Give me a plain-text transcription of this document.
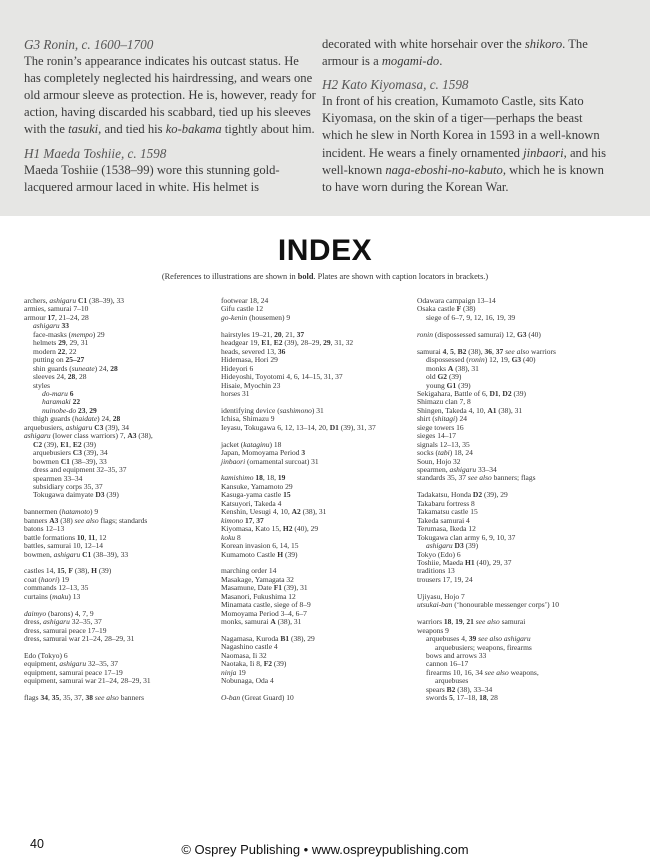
G3 Ronin, c. 1600–1700
The ronin’s appearance indicates his outcast status. He has completely neglected his hairdressing, and wears one old armour sleeve as protection. He is, however, ready for action, having discarded his scabbard, tied up his sleeves with the tasuki, and tied his ko-bakama tightly about him.

H1 Maeda Toshiie, c. 1598
Maeda Toshiie (1538–99) wore this stunning gold-lacquered armour laced in white. His helmet is

decorated with white horsehair over the shikoro. The armour is a mogami-do.

H2 Kato Kiyomasa, c. 1598
In front of his creation, Kumamoto Castle, sits Kato Kiyomasa, on the skin of a tiger—perhaps the beast which he slew in North Korea in 1593 in a well-known incident. He wears a finely ornamented jinbaori, and his well-known naga-eboshi-no-kabuto, which he is known to have worn during the Korean War.

INDEX
(References to illustrations are shown in bold. Plates are shown with caption locators in brackets.)
archers, ashigaru C1 (38–39), 33
armies, samurai 7–10
armour 17, 21–24, 28
ashigaru 33
face-masks (mempo) 29
helmets 29, 29, 31
modern 22, 22
putting on 25–27
shin guards (suneate) 24, 28
sleeves 24, 28, 28
styles
do-maru 6
haramaki 22
nuinobe-do 23, 29
thigh guards (haidate) 24, 28
arquebusiers, ashigaru C3 (39), 34
ashigaru (lower class warriors) 7, A3 (38),
C2 (39), E1, E2 (39)
arquebusiers C3 (39), 34
bowmen C1 (38–39), 33
dress and equipment 32–35, 37
spearmen 33–34
subsidiary corps 35, 37
Tokugawa daimyate D3 (39)
bannermen (hatamoto) 9
banners A3 (38) see also flags; standards
batons 12–13
battle formations 10, 11, 12
battles, samurai 10, 12–14
bowmen, ashigaru C1 (38–39), 33
castles 14, 15, F (38), H (39)
coat (haori) 19
commands 12–13, 35
curtains (maku) 13
daimyo (barons) 4, 7, 9
dress, ashigaru 32–35, 37
dress, samurai peace 17–19
dress, samurai war 21–24, 28–29, 31
Edo (Tokyo) 6
equipment, ashigaru 32–35, 37
equipment, samurai peace 17–19
equipment, samurai war 21–24, 28–29, 31
flags 34, 35, 35, 37, 38 see also banners
footwear 18, 24
Gifu castle 12
go-kenin (housemen) 9
hairstyles 19–21, 20, 21, 37
headgear 19, E1, E2 (39), 28–29, 29, 31, 32
heads, severed 13, 36
Hidemasa, Hori 29
Hideyori 6
Hideyoshi, Toyotomi 4, 6, 14–15, 31, 37
Hisaie, Myochin 23
horses 31
identifying device (sashimono) 31
Ichisa, Shimazu 9
Ieyasu, Tokugawa 6, 12, 13–14, 20, D1 (39), 31, 37
jacket (kataginu) 18
Japan, Momoyama Period 3
jinbaori (ornamental surcoat) 31
kamishimo 18, 18, 19
Kansuke, Yamamoto 29
Kasuga-yama castle 15
Katsuyori, Takeda 4
Kenshin, Uesugi 4, 10, A2 (38), 31
kimono 17, 37
Kiyomasa, Kato 15, H2 (40), 29
koku 8
Korean invasion 6, 14, 15
Kumamoto Castle H (39)
marching order 14
Masakage, Yamagata 32
Masamune, Date F1 (39), 31
Masanori, Fukushima 12
Minamata castle, siege of 8–9
Momoyama Period 3–4, 6–7
monks, samurai A (38), 31
Nagamasa, Kuroda B1 (38), 29
Nagashino castle 4
Naomasa, Ii 32
Naotaka, Ii 8, F2 (39)
ninja 19
Nobunaga, Oda 4
O-ban (Great Guard) 10
Odawara campaign 13–14
Osaka castle F (38)
siege of 6–7, 9, 12, 16, 19, 39
ronin (dispossessed samurai) 12, G3 (40)
samurai 4, 5, B2 (38), 36, 37 see also warriors
dispossessed (ronin) 12, 19, G3 (40)
monks A (38), 31
old G2 (39)
young G1 (39)
Sekigahara, Battle of 6, D1, D2 (39)
Shimazu clan 7, 8
Shingen, Takeda 4, 10, A1 (38), 31
shirt (shitagi) 24
siege towers 16
sieges 14–17
signals 12–13, 35
socks (tabi) 18, 24
Soun, Hojo 32
spearmen, ashigaru 33–34
standards 35, 37 see also banners; flags
Tadakatsu, Honda D2 (39), 29
Takabaru fortress 8
Takamatsu castle 15
Takeda samurai 4
Terumasa, Ikeda 12
Tokugawa clan army 6, 9, 10, 37
ashigaru D3 (39)
Tokyo (Edo) 6
Toshiie, Maeda H1 (40), 29, 37
traditions 13
trousers 17, 19, 24
Ujiyasu, Hojo 7
utsukai-ban (‘honourable messenger corps’) 10
warriors 18, 19, 21 see also samurai
weapons 9
arquebuses 4, 39 see also ashigaru
arquebusiers; weapons, firearms
bows and arrows 33
cannon 16–17
firearms 10, 16, 34 see also weapons,
arquebuses
spears B2 (38), 33–34
swords 5, 17–18, 18, 28
40	© Osprey Publishing • www.ospreypublishing.com
